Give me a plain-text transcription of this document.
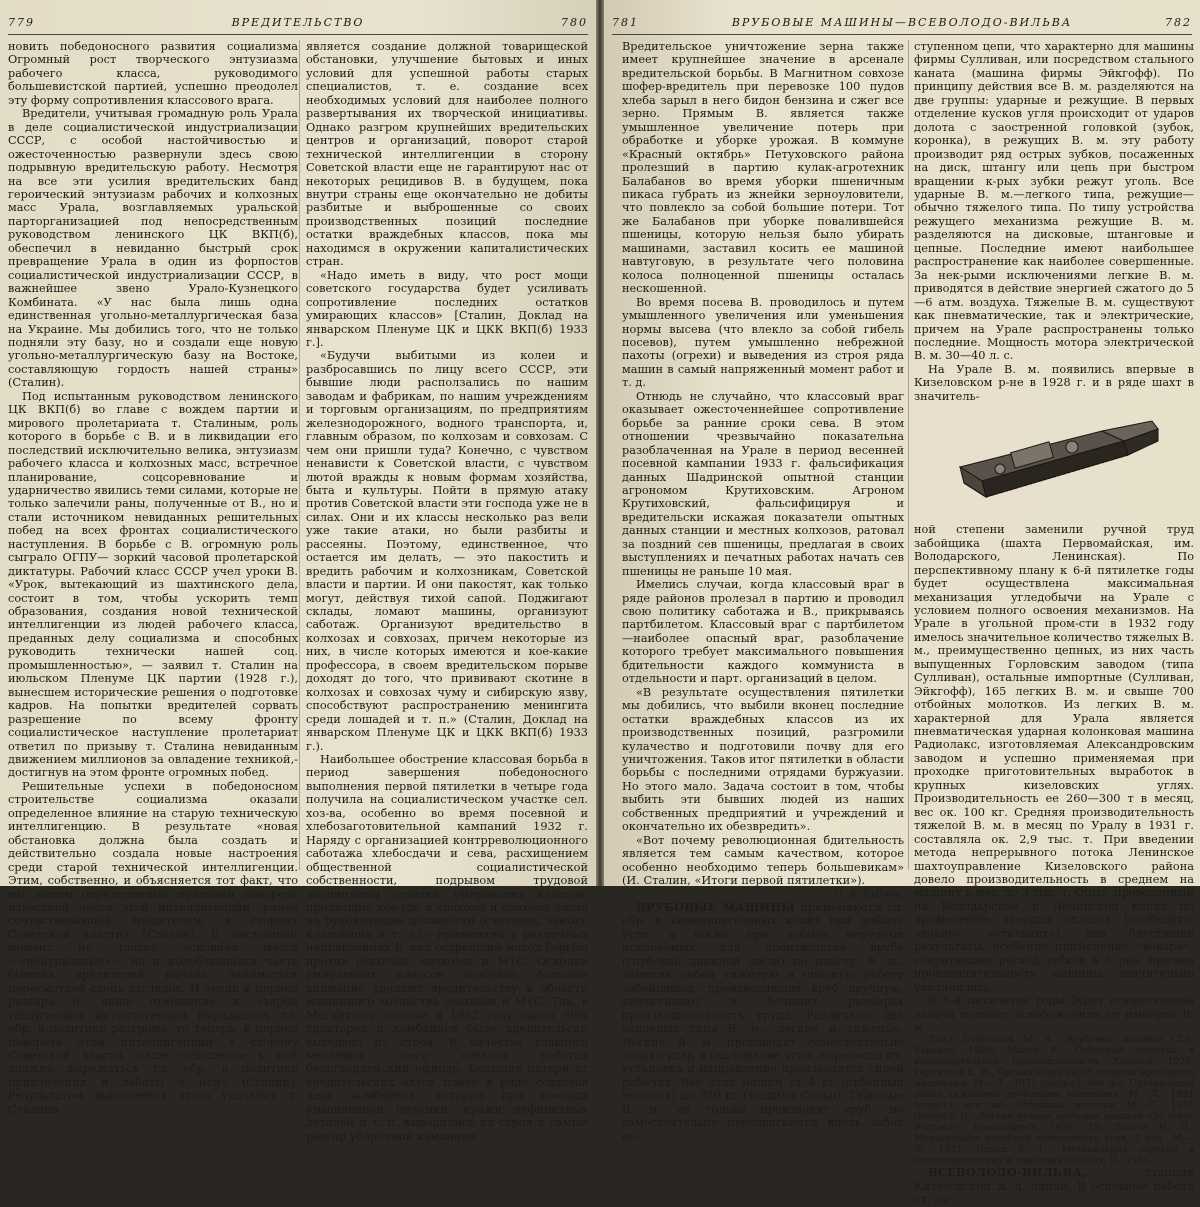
779	ВРЕДИТЕЛЬСТВО	780

новить победоносного развития социализма Огромный рост творческого энтузиазма рабочего класса, руководимого большевистской партией, успешно преодолел эту форму сопротивления классового врага.

Вредители, учитывая громадную роль Урала в деле социалистической индустриализации СССР, с особой настойчивостью и ожесточенностью развернули здесь свою подрывную вредительскую работу. Несмотря на все эти усилия вредительских банд героический энтузиазм рабочих и колхозных масс Урала, возглавляемых уральской парторганизацией под непосредственным руководством ленинского ЦК ВКП(б), обеспечил в невиданно быстрый срок превращение Урала в один из форпостов социалистической индустриализации СССР, в важнейшее звено Урало-Кузнецкого Комбината. «У нас была лишь одна единственная угольно-металлургическая база на Украине. Мы добились того, что не только подняли эту базу, но и создали еще новую угольно-металлургическую базу на Востоке, составляющую гордость нашей страны» (Сталин).

Под испытанным руководством ленинского ЦК ВКП(б) во главе с вождем партии и мирового пролетариата т. Сталиным, роль которого в борьбе с В. и в ликвидации его последствий исключительно велика, энтузиазм рабочего класса и колхозных масс, встречное планирование, соцсоревнование и ударничество явились теми силами, которые не только залечили раны, полученные от В., но и стали источником невиданных решительных побед на всех фронтах социалистического наступления. В борьбе с В. огромную роль сыграло ОГПУ— зоркий часовой пролетарской диктатуры. Рабочий класс СССР учел уроки В. «Урок, вытекающий из шахтинского дела, состоит в том, чтобы ускорить темп образования, создания новой технической интеллигенции из людей рабочего класса, преданных делу социализма и способных руководить технически нашей соц. промышленностью», — заявил т. Сталин на июльском Пленуме ЦК партии (1928 г.), вынесшем исторические решения о подготовке кадров. На попытки вредителей сорвать разрешение по всему фронту социалистическое наступление пролетариат ответил по призыву т. Сталина невиданным движением миллионов за овладение техникой,-достигнув на этом фронте огромных побед.

Решительные успехи в победоносном строительстве социализма оказали определенное влияние на старую техническую интеллигенцию. В результате «новая обстановка должна была создать и действительно создала новые настроения среди старой технической интеллигенции. Этим, собственно, и объясняется тот факт, что мы имеем определенные признаки поворота известной части этой интеллигенции, ранее сочувствовавшей вредителям, в сторону Советской власти» (Сталин). В настоящий момент не только основная масса—«нейтральные»— но и колеблющаяся часть бывших вредителей начала заниматься пересмоткой своих взглядов. И «если в период разгара В. наше отношение к старой технической интеллигенции выражалось гл. обр. в политике разгрома, то теперь, в период поворота этой интеллигенции в сторону Советской власти, наше отношение к ней должно выражаться гл. обр. в политике привлечения и заботы о ней» (Сталин). Результатом выполнения этого указания т. Сталина

является создание должной товарищеской обстановки, улучшение бытовых и иных условий для успешной работы старых специалистов, т. е. создание всех необходимых условий для наиболее полного развертывания их творческой инициативы. Однако разгром крупнейших вредительских центров и организаций, поворот старой технической интеллигенции в сторону Советской власти еще не гарантируют нас от некоторых рецидивов В. в будущем, пока внутри страны еще окончательно не добиты разбитые и выброшенные со своих производственных позиций последние остатки враждебных классов, пока мы находимся в окружении капиталистических стран.

«Надо иметь в виду, что рост мощи советского государства будет усиливать сопротивление последних остатков умирающих классов» [Сталин, Доклад на январском Пленуме ЦК и ЦКК ВКП(б) 1933 г.].

«Будучи выбитыми из колеи и разбросавшись по лицу всего СССР, эти бывшие люди расползались по нашим заводам и фабрикам, по нашим учреждениям и торговым организациям, по предприятиям железнодорожного, водного транспорта, и, главным образом, по колхозам и совхозам. С чем они пришли туда? Конечно, с чувством ненависти к Советской власти, с чувством лютой вражды к новым формам хозяйства, быта и культуры. Пойти в прямую атаку против Советской власти эти господа уже не в силах. Они и их классы несколько раз вели уже такие атаки, но были разбиты и рассеяны. Поэтому, единственное, что остается им делать, — это пакостить и вредить рабочим и колхозникам, Советской власти и партии. И они пакостят, как только могут, действуя тихой сапой. Поджигают склады, ломают машины, организуют саботаж. Организуют вредительство в колхозах и совхозах, причем некоторые из них, в числе которых имеются и кое-какие профессора, в своем вредительском порыве доходят до того, что прививают скотине в колхозах и совхозах чуму и сибирскую язву, способствуют распространению менингита среди лошадей и т. п.» (Сталин, Доклад на январском Пленуме ЦК и ЦКК ВКП(б) 1933 г.).

Наибольшее обострение классовая борьба в период завершения победоносного выполнения первой пятилетки в четыре года получила на социалистическом участке сел. хоз-ва, особенно во время посевной и хлебозаготовительной кампаний 1932 г. Наряду с организацией контрреволюционного саботажа хлебосдачи и сева, расхищением общественной социалистической собственности, подрывом трудовой дисциплины остатки умирающих классов, пролезшие кое-где в колхозы и совхозы часто на руководящие должности (счетовод, завхоз, кладовщик и т. д.),—применяли в различных направлениях В. как острейший метод борьбы против совхозов, колхозов и МТС. Осколки умирающих классов особенно большое внимание уделяют вредительству в области машинного хозяйства совхозов и МТС. Так, в Магнитном совхозе в 1932 году около 90% тракторов и комбайнов было вредительски выведено из строя. В качестве главного механика этого совхоза работал белогвардейский офицер. Большие потери от вредительских актов понес в ряде совхозов парк комбайнов, которые при помощи умышленной поломки, кражи дефицитных деталей и т. п. выводились из строя в самый разгар уборочной кампании.

781	ВРУБОВЫЕ МАШИНЫ—ВСЕВОЛОДО-ВИЛЬВА	782

Вредительское уничтожение зерна также имеет крупнейшее значение в арсенале вредительской борьбы. В Магнитном совхозе шофер-вредитель при перевозке 100 пудов хлеба зарыл в него бидон бензина и сжег все зерно. Прямым В. является также умышленное увеличение потерь при обработке и уборке урожая. В коммуне «Красный октябрь» Петуховского района пролезший в партию кулак-агротехник Балабанов во время уборки пшеничным пикаса губрать из жнейки зерноуловители, что повлекло за собой большие потери. Тот же Балабанов при уборке повалившейся пшеницы, которую нельзя было убирать машинами, заставил косить ее машиной навтуговую, в результате чего половина колоса полноценной пшеницы осталась нескошенной.

Во время посева В. проводилось и путем умышленного увеличения или уменьшения нормы высева (что влекло за собой гибель посевов), путем умышленно небрежной пахоты (огрехи) и выведения из строя ряда машин в самый напряженный момент работ и т. д.

Отнюдь не случайно, что классовый враг оказывает ожесточеннейшее сопротивление борьбе за ранние сроки сева. В этом отношении чрезвычайно показательна разоблаченная на Урале в период весенней посевной кампании 1933 г. фальсификация данных Шадринской опытной станции агрономом Крутиховским. Агроном Крутиховский, фальсифицируя и вредительски искажая показатели опытных данных станции и местных колхозов, ратовал за поздний сев пшеницы, предлагая в своих выступлениях и печатных работах начать сев пшеницы не раньше 10 мая.

Имелись случаи, когда классовый враг в ряде районов пролезал в партию и проводил свою политику саботажа и В., прикрываясь партбилетом. Классовый враг с партбилетом—наиболее опасный враг, разоблачение которого требует максимального повышения бдительности каждого коммуниста в отдельности и парт. организаций в целом.

«В результате осуществления пятилетки мы добились, что выбили вконец последние остатки враждебных классов из их производственных позиций, разгромили кулачество и подготовили почву для его уничтожения. Таков итог пятилетки в области борьбы с последними отрядами буржуазии. Но этого мало. Задача состоит в том, чтобы выбить эти бывших людей из наших собственных предприятий и учреждений и окончательно их обезвредить».

«Вот почему революционная бдительность является тем самым качеством, которое особенно необходимо теперь большевикам» (И. Сталин, «Итоги первой пятилетки»).

Н. А. Бубнов.

ВРУБОВЫЕ МАШИНЫ применяются гл. обр. в каменноугольных копях при добыче угля, а также при добыче нерудных ископаемых для производства вруба (глубокой длинной щели) по пласту. В. м., заменяя собой тяжелую и опасную работу забойщиков, производивших вруб вручную, увеличивают в больших размерах производительность труда. Различают два основных типа В. м.: легкие и тяжелые. Легкие В. м. производят самостоятельно только удар и скалывание угля; переноска их, установка и направление производятся силой рабочих. Вес этих машин от 4 кг (отбойный молоток) до 350 кг (машина Сиско). Тяжелые В. м. не только производят вруб, но самостоятельно передвигаются вдоль забоя по-

ступенном цепи, что характерно для машины фирмы Сулливан, или посредством стального каната (машина фирмы Эйкгофф). По принципу действия все В. м. разделяются на две группы: ударные и режущие. В первых отделение кусков угля происходит от ударов долота с заостренной головкой (зубок, коронка), в режущих В. м. эту работу производит ряд острых зубков, посаженных на диск, штангу или цепь при быстром вращении к-рых зубки режут уголь. Все ударные В. м.—легкого типа, режущие—обычно тяжелого типа. По типу устройства режущего механизма режущие В. м. разделяются на дисковые, штанговые и цепные. Последние имеют наибольшее распространение как наиболее совершенные. За нек-рыми исключениями легкие В. м. приводятся в действие энергией сжатого до 5—6 атм. воздуха. Тяжелые В. м. существуют как пневматические, так и электрические, причем на Урале распространены только последние. Мощность мотора электрической В. м. 30—40 л. с.

На Урале В. м. появились впервые в Кизеловском р-не в 1928 г. и в ряде шахт в значитель-

ной степени заменили ручной труд забойщика (шахта Первомайская, им. Володарского, Ленинская). По перспективному плану к 6-й пятилетке годы будет осуществлена максимальная механизация угледобычи на Урале с условием полного освоения механизмов. На Урале в угольной пром-сти в 1932 году имелось значительное количество тяжелых В. м., преимущественно цепных, из них часть выпущенных Горловским заводом (типа Сулливан), остальные импортные (Сулливан, Эйкгофф), 165 легких В. м. и свыше 700 отбойных молотков. Из легких В. м. характерной для Урала является пневматическая ударная колонковая машина Радиолакс, изготовляемая Александровским заводом и успешно применяемая при проходке приготовительных выработок в крупных кизеловских углях. Производительность ее 260—300 т в месяц, вес ок. 100 кг. Средняя производительность тяжелой В. м. в месяц по Уралу в 1931 г. составляла ок. 2,9 тыс. т. При введении метода непрерывного потока Ленинское шахтоуправление Кизеловского района довело производительность в среднем на машину в мес. до 3 тыс. т. Опыт, проведенный на Володарской и Ленинской копях по применению твердых сплавов («победит», «вокар», «стальнит»), дал блестящие результаты, особенно применение «вокара», сократившее расход зубков в 5 раз, причем производительность машины значительно увеличилась.

В 6-й пятилетке годы будет осуществлена задача полного освобождения от импорта В. м.

Лит.: Зелинский М. Я., Врубовые машины CLE, Харьков, 1929; Майер Р., Отбойные молотки в каменноугольной промышленности, Харьков, 1929; Геронтьев В. И., Организация работ легкими врубовыми машинами, М.—Л., 1931 (попул.); его же, Организация работ тяжелыми врубовыми машинами, М.—Л., 1931 (попул.); его же, Отбойные молотки, М.—Л., 1931 (попул.); И., Легкая ручная врубовая машина «За уголь Востока», Новосибирск, 1931, 15; Лакоза Н. П., Механизация подобной взвешенного угля, 2 изд., М.—Л., 1931; Ицких В. Г., Механизация зарубки в подготовительных и очистных работах, Л., 1931.

ВСЕВОЛОДО-ВИЛЬВА,	станция Кизеловской ж.-д. линии. В основном работа ст. за-
